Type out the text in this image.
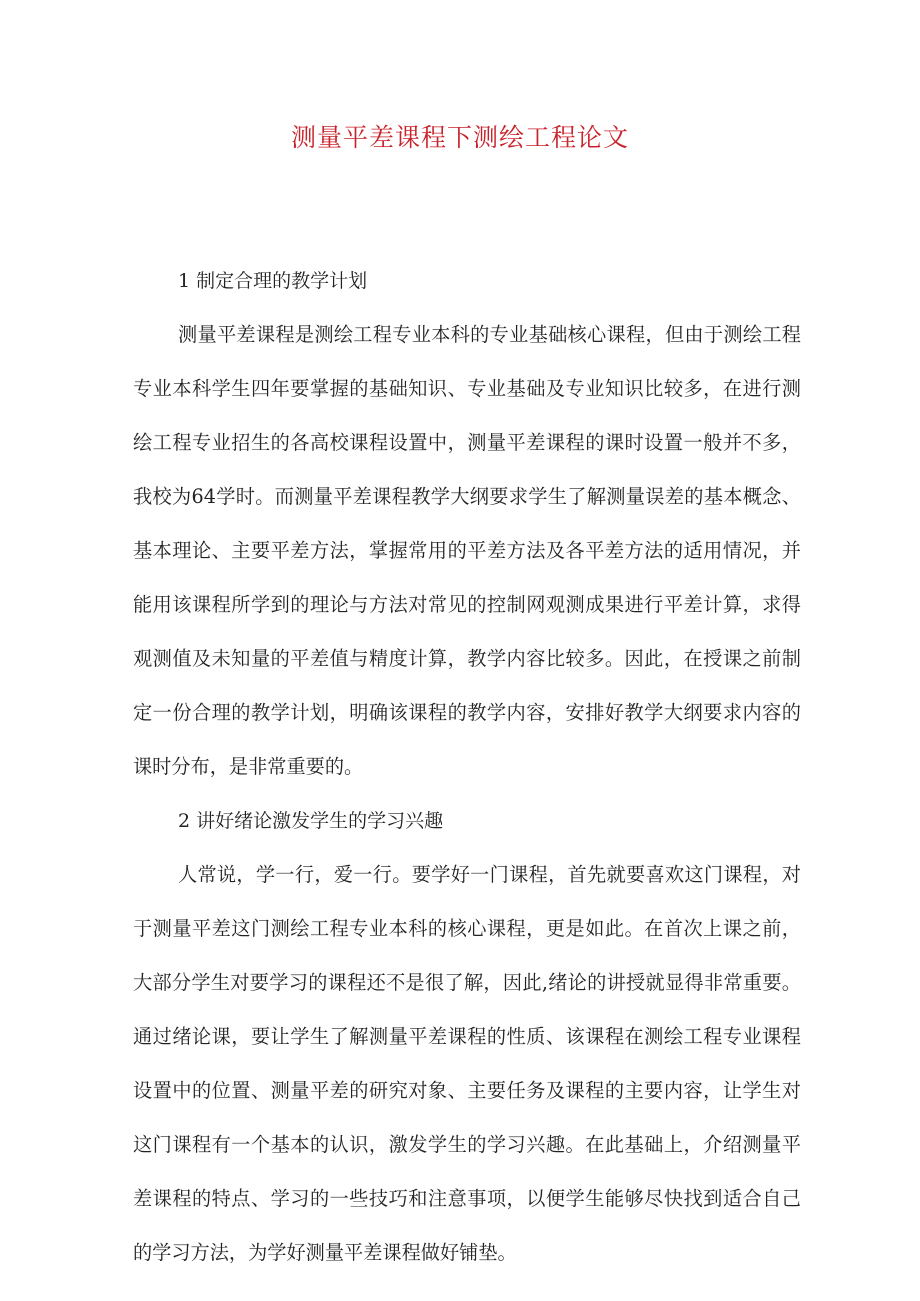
测量平差课程下测绘工程论文
1 制定合理的教学计划

测量平差课程是测绘工程专业本科的专业基础核心课程，但由于测绘工程专业本科学生四年要掌握的基础知识、专业基础及专业知识比较多，在进行测绘工程专业招生的各高校课程设置中，测量平差课程的课时设置一般并不多，我校为64学时。而测量平差课程教学大纲要求学生了解测量误差的基本概念、基本理论、主要平差方法，掌握常用的平差方法及各平差方法的适用情况，并能用该课程所学到的理论与方法对常见的控制网观测成果进行平差计算，求得观测值及未知量的平差值与精度计算，教学内容比较多。因此，在授课之前制定一份合理的教学计划，明确该课程的教学内容，安排好教学大纲要求内容的课时分布，是非常重要的。

2 讲好绪论激发学生的学习兴趣

人常说，学一行，爱一行。要学好一门课程，首先就要喜欢这门课程，对于测量平差这门测绘工程专业本科的核心课程，更是如此。在首次上课之前，大部分学生对要学习的课程还不是很了解，因此,绪论的讲授就显得非常重要。通过绪论课，要让学生了解测量平差课程的性质、该课程在测绘工程专业课程设置中的位置、测量平差的研究对象、主要任务及课程的主要内容，让学生对这门课程有一个基本的认识，激发学生的学习兴趣。在此基础上，介绍测量平差课程的特点、学习的一些技巧和注意事项，以便学生能够尽快找到适合自己的学习方法，为学好测量平差课程做好铺垫。
